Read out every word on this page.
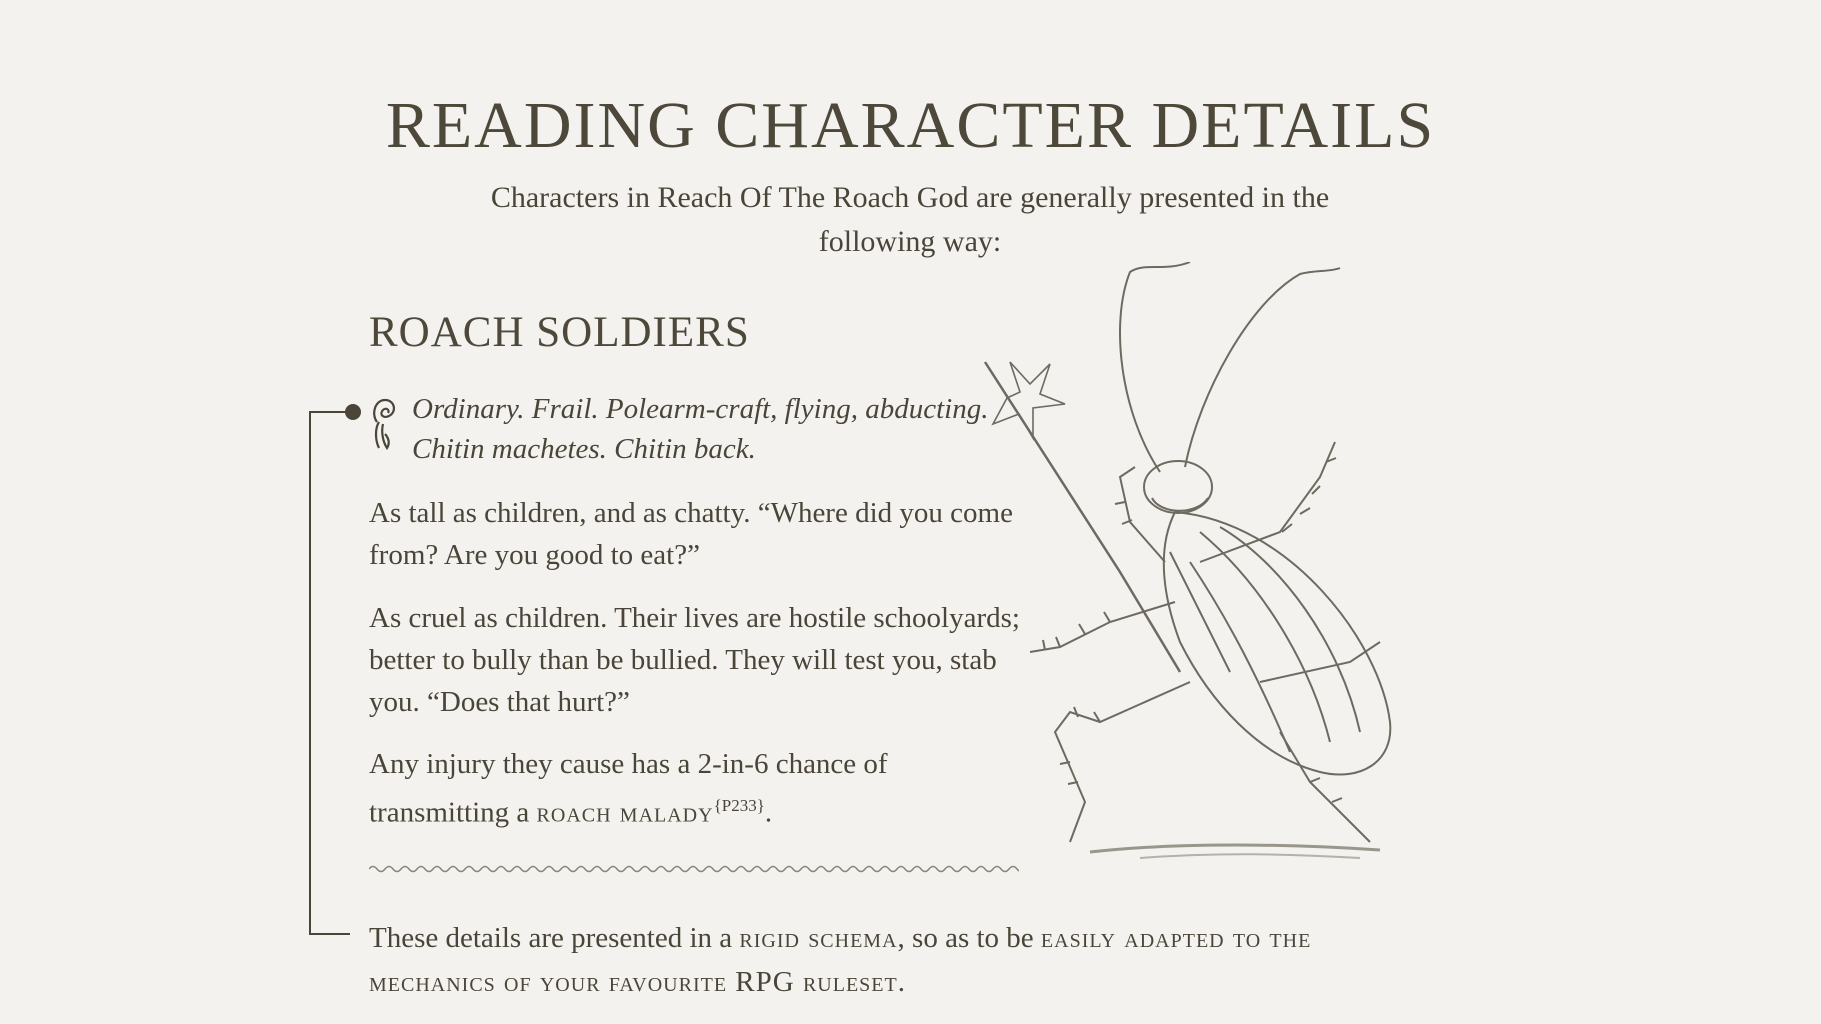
READING CHARACTER DETAILS

Characters in Reach Of The Roach God are generally presented in the following way:

ROACH SOLDIERS

Ordinary. Frail. Polearm-craft, flying, abducting. Chitin machetes. Chitin back.

As tall as children, and as chatty. “Where did you come from? Are you good to eat?”

As cruel as children. Their lives are hostile schoolyards; better to bully than be bullied. They will test you, stab you. “Does that hurt?”

Any injury they cause has a 2-in-6 chance of transmitting a roach malady$^{\{P233\}}$.

These details are presented in a rigid schema, so as to be easily adapted to the mechanics of your favourite RPG ruleset.
